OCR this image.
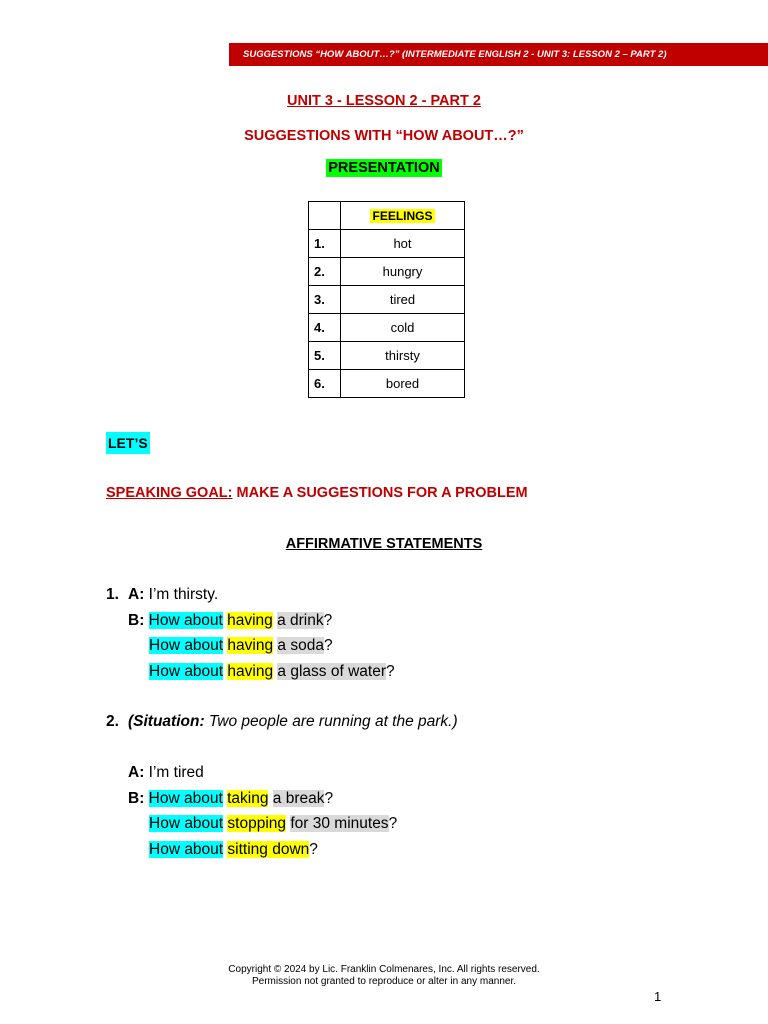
SUGGESTIONS “HOW ABOUT…?” (INTERMEDIATE ENGLISH 2 - UNIT 3: LESSON 2 – PART 2)
UNIT 3 - LESSON 2 - PART 2
SUGGESTIONS WITH “HOW ABOUT…?”
PRESENTATION
	FEELINGS
1.	hot
2.	hungry
3.	tired
4.	cold
5.	thirsty
6.	bored
LET’S
SPEAKING GOAL: MAKE A SUGGESTIONS FOR A PROBLEM
AFFIRMATIVE STATEMENTS
1. A: I’m thirsty.
B: How about having a drink?
How about having a soda?
How about having a glass of water?
2. (Situation: Two people are running at the park.)
A: I’m tired
B: How about taking a break?
How about stopping for 30 minutes?
How about sitting down?
Copyright © 2024 by Lic. Franklin Colmenares, Inc. All rights reserved.
Permission not granted to reproduce or alter in any manner.
1
